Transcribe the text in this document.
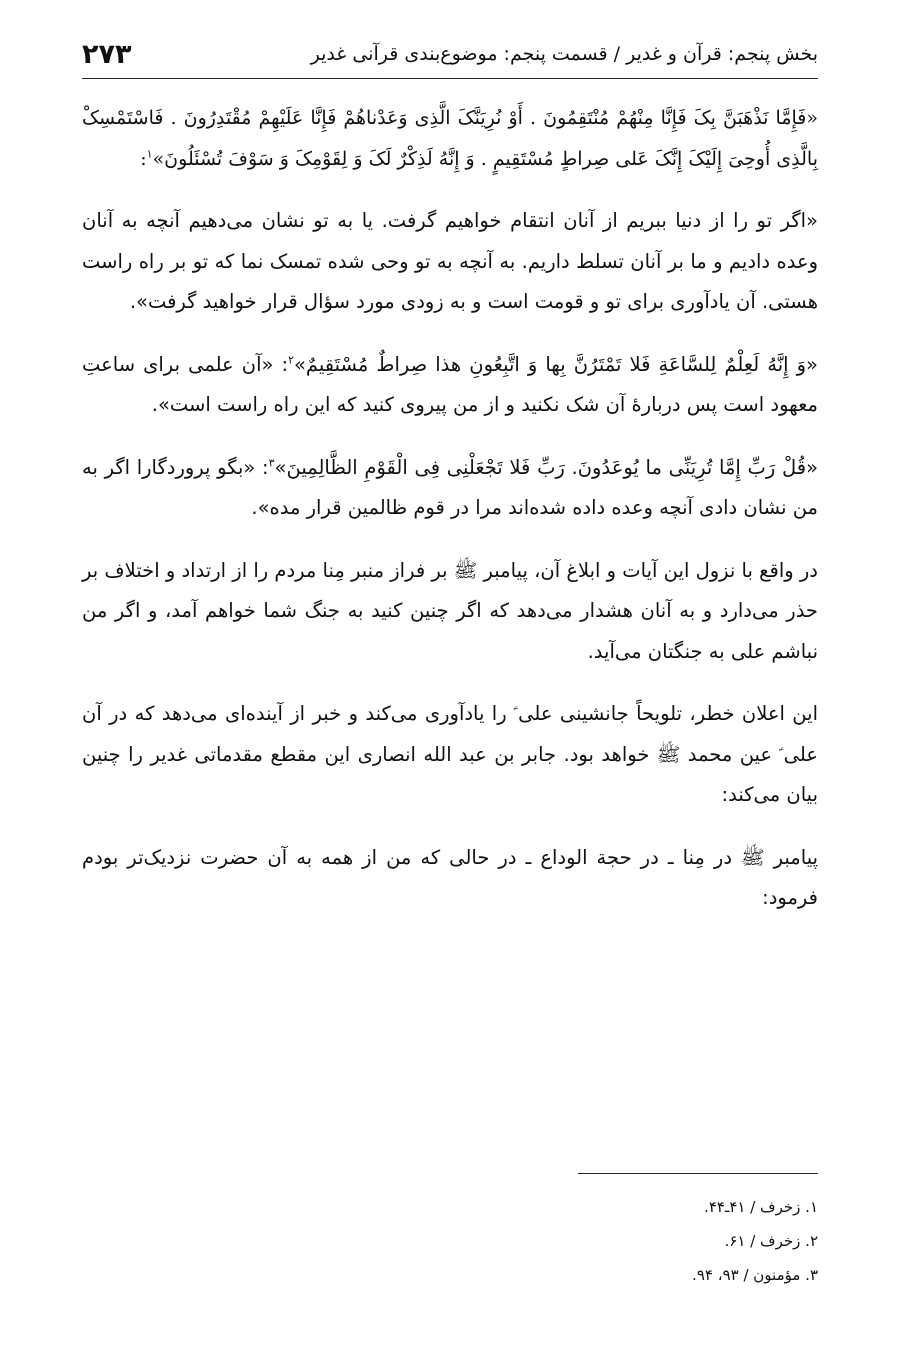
بخش پنجم: قرآن و غدیر / قسمت پنجم: موضوع‌بندی قرآنی غدیر
۲۷۳

«فَإِمَّا نَذْهَبَنَّ بِکَ فَإِنَّا مِنْهُمْ مُنْتَقِمُونَ . أَوْ نُرِیَنَّکَ الَّذِی وَعَدْناهُمْ فَإِنَّا عَلَیْهِمْ مُقْتَدِرُونَ . فَاسْتَمْسِکْ بِالَّذِی أُوحِیَ إِلَیْکَ إِنَّکَ عَلی صِراطٍ مُسْتَقِیمٍ . وَ إِنَّهُ لَذِکْرٌ لَکَ وَ لِقَوْمِکَ وَ سَوْفَ تُسْئَلُونَ»$^۱$:

«اگر تو را از دنیا ببریم از آنان انتقام خواهیم گرفت. یا به تو نشان می‌دهیم آنچه به آنان وعده دادیم و ما بر آنان تسلط داریم. به آنچه به تو وحی شده تمسک نما که تو بر راه راست هستی. آن یادآوری برای تو و قومت است و به زودی مورد سؤال قرار خواهید گرفت».

«وَ إِنَّهُ لَعِلْمٌ لِلسَّاعَةِ فَلا تَمْتَرُنَّ بِها وَ اتَّبِعُونِ هذا صِراطٌ مُسْتَقِیمٌ»$^۲$: «آن علمی برای ساعتِ معهود است پس دربارهٔ آن شک نکنید و از من پیروی کنید که این راه راست است».

«قُلْ رَبِّ إِمَّا تُرِیَنِّی ما یُوعَدُونَ. رَبِّ فَلا تَجْعَلْنِی فِی الْقَوْمِ الظَّالِمِینَ»$^۳$: «بگو پروردگارا اگر به من نشان دادی آنچه وعده داده شده‌اند مرا در قوم ظالمین قرار مده».

در واقع با نزول این آیات و ابلاغ آن، پیامبر ﷺ بر فراز منبر مِنا مردم را از ارتداد و اختلاف بر حذر می‌دارد و به آنان هشدار می‌دهد که اگر چنین کنید به جنگ شما خواهم آمد، و اگر من نباشم علی به جنگتان می‌آید.

این اعلان خطر، تلویحاً جانشینی علی ؑ را یادآوری می‌کند و خبر از آینده‌ای می‌دهد که در آن علی ؑ عین محمد ﷺ خواهد بود. جابر بن عبد الله انصاری این مقطع مقدماتی غدیر را چنین بیان می‌کند:

پیامبر ﷺ در مِنا ـ در حجة الوداع ـ در حالی که من از همه به آن حضرت نزدیک‌تر بودم فرمود:

۱. زخرف / ۴۱ـ۴۴.
۲. زخرف / ۶۱.
۳. مؤمنون / ۹۳، ۹۴.
